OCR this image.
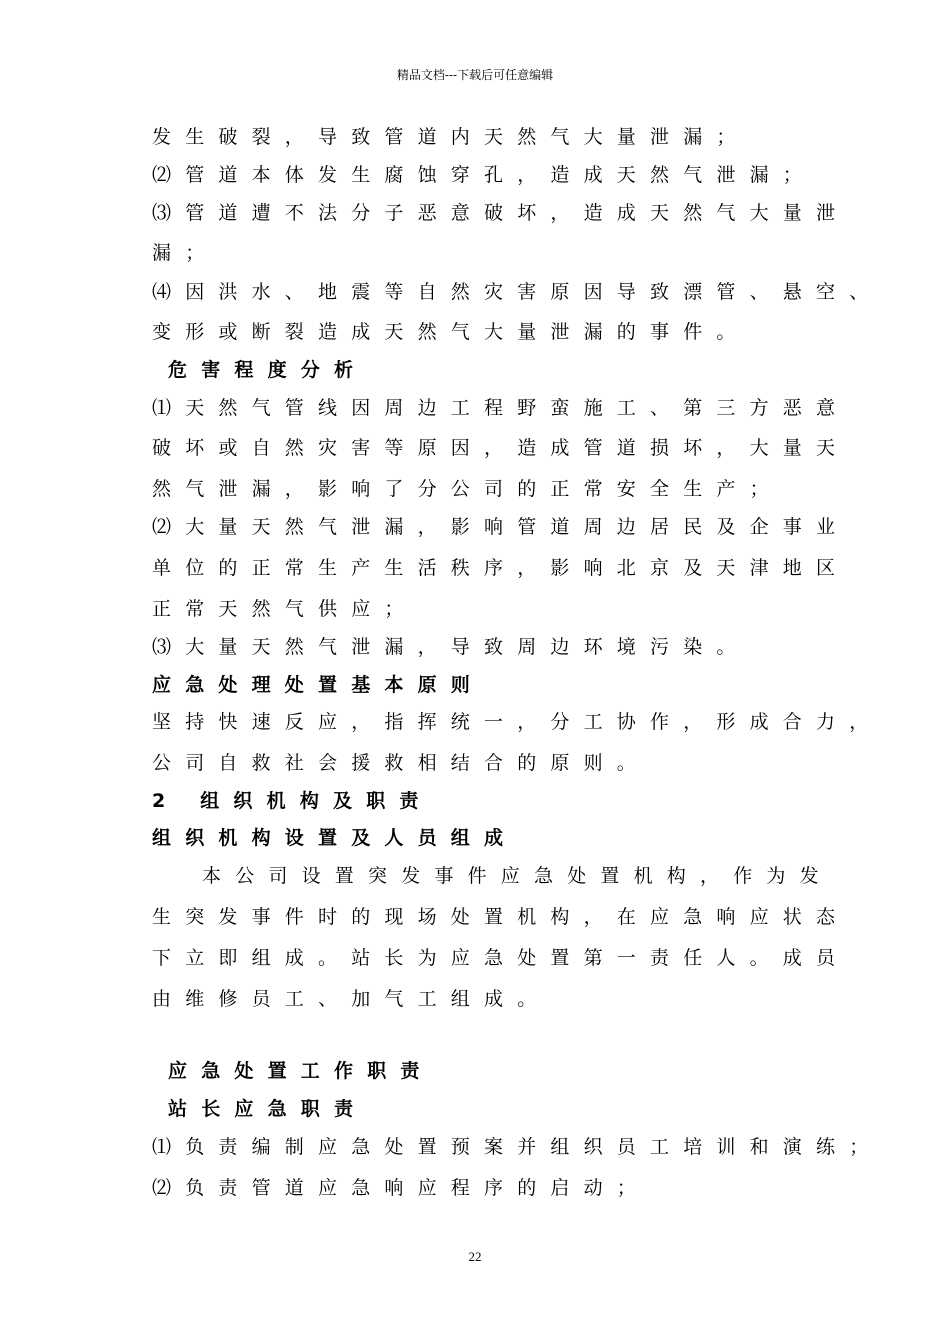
精品文档---下载后可任意编辑
发生破裂，导致管道内天然气大量泄漏；
⑵管道本体发生腐蚀穿孔，造成天然气泄漏；
⑶管道遭不法分子恶意破坏，造成天然气大量泄
漏；
⑷因洪水、地震等自然灾害原因导致漂管、悬空、
变形或断裂造成天然气大量泄漏的事件。
危害程度分析
⑴天然气管线因周边工程野蛮施工、第三方恶意
破坏或自然灾害等原因，造成管道损坏，大量天
然气泄漏，影响了分公司的正常安全生产；
⑵大量天然气泄漏，影响管道周边居民及企事业
单位的正常生产生活秩序，影响北京及天津地区
正常天然气供应；
⑶大量天然气泄漏，导致周边环境污染。
应急处理处置基本原则
坚持快速反应，指挥统一，分工协作，形成合力，
公司自救社会援救相结合的原则。
2 组织机构及职责
组织机构设置及人员组成
本公司设置突发事件应急处置机构，作为发
生突发事件时的现场处置机构，在应急响应状态
下立即组成。站长为应急处置第一责任人。成员
由维修员工、加气工组成。
应急处置工作职责
站长应急职责
⑴负责编制应急处置预案并组织员工培训和演练；
⑵负责管道应急响应程序的启动；
22
